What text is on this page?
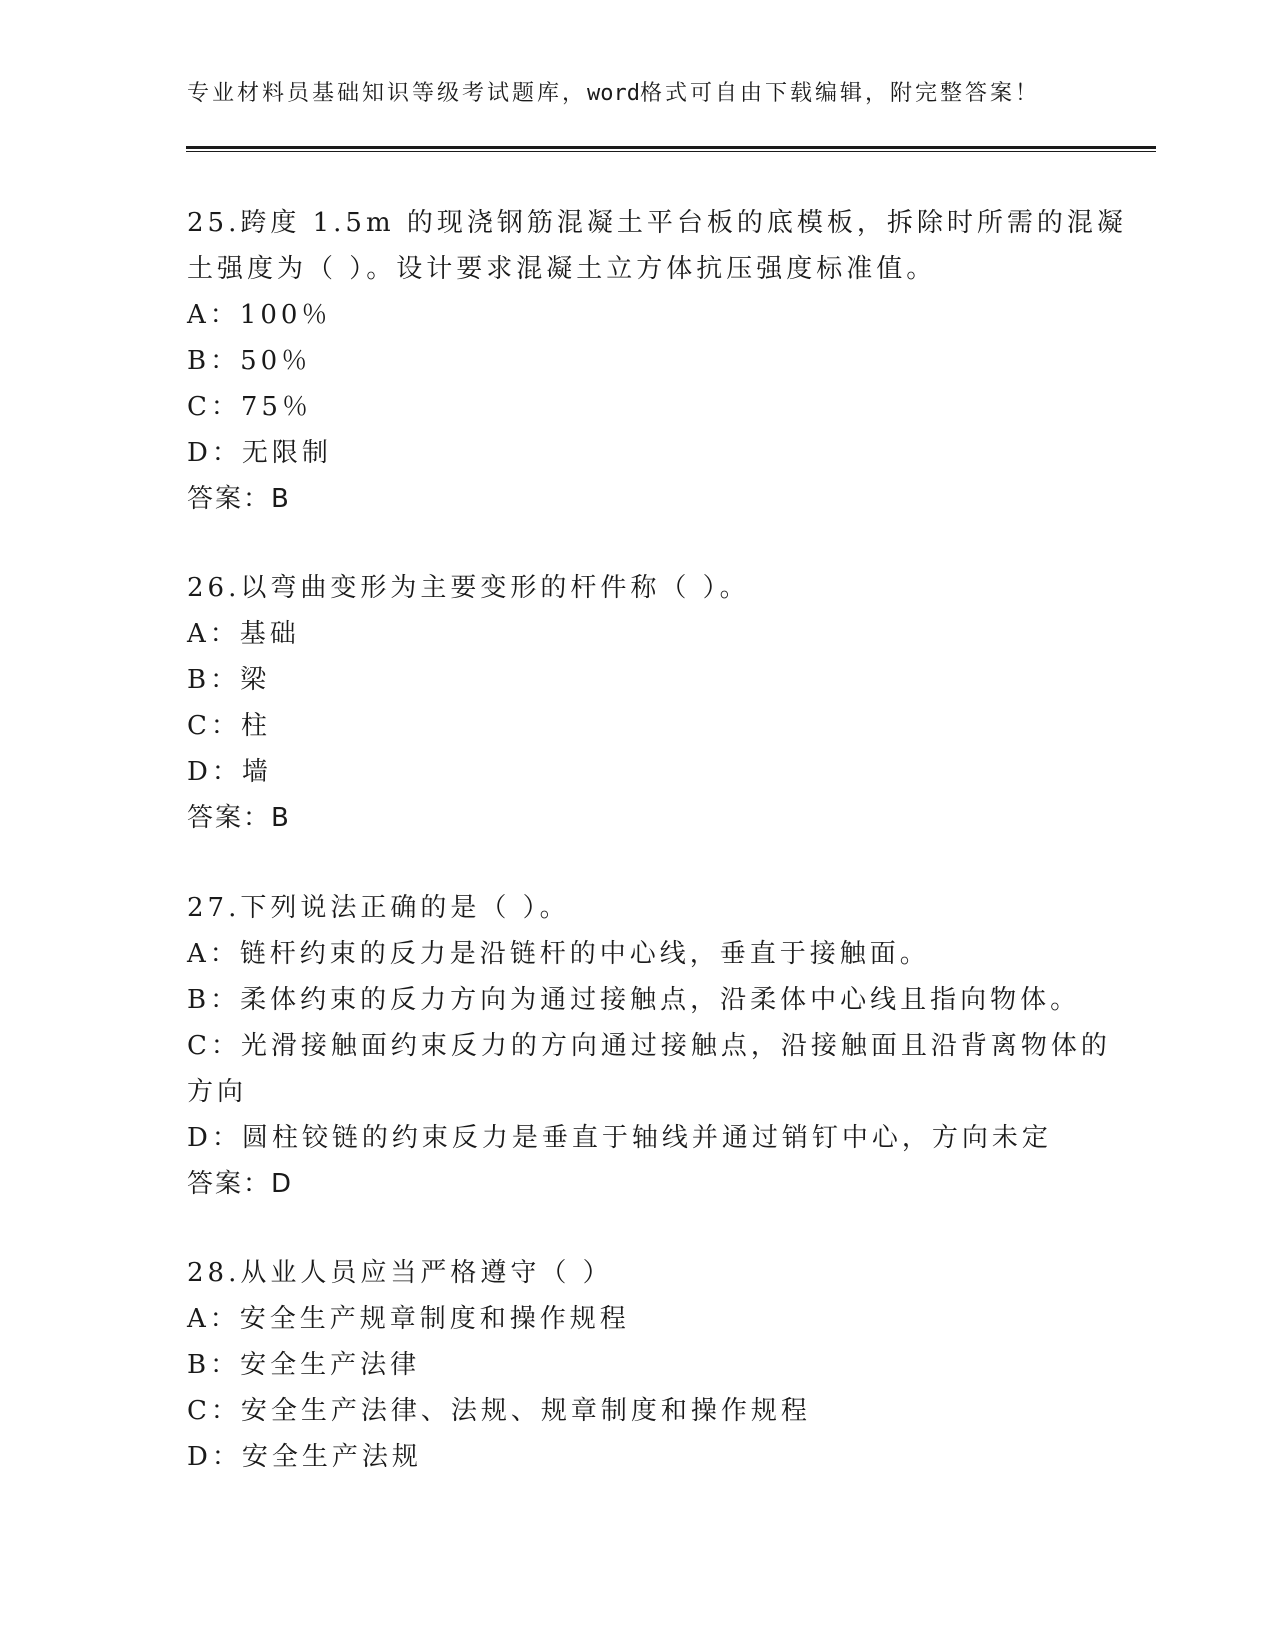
专业材料员基础知识等级考试题库，word格式可自由下载编辑，附完整答案！
25.跨度 1.5m 的现浇钢筋混凝土平台板的底模板，拆除时所需的混凝
土强度为（ ）。设计要求混凝土立方体抗压强度标准值。
A：100％
B：50％
C：75％
D：无限制
答案：B
26.以弯曲变形为主要变形的杆件称（ ）。
A：基础
B：梁
C：柱
D：墙
答案：B
27.下列说法正确的是（ ）。
A：链杆约束的反力是沿链杆的中心线，垂直于接触面。
B：柔体约束的反力方向为通过接触点，沿柔体中心线且指向物体。
C：光滑接触面约束反力的方向通过接触点，沿接触面且沿背离物体的
方向
D：圆柱铰链的约束反力是垂直于轴线并通过销钉中心，方向未定
答案：D
28.从业人员应当严格遵守（ ）
A：安全生产规章制度和操作规程
B：安全生产法律
C：安全生产法律、法规、规章制度和操作规程
D：安全生产法规
